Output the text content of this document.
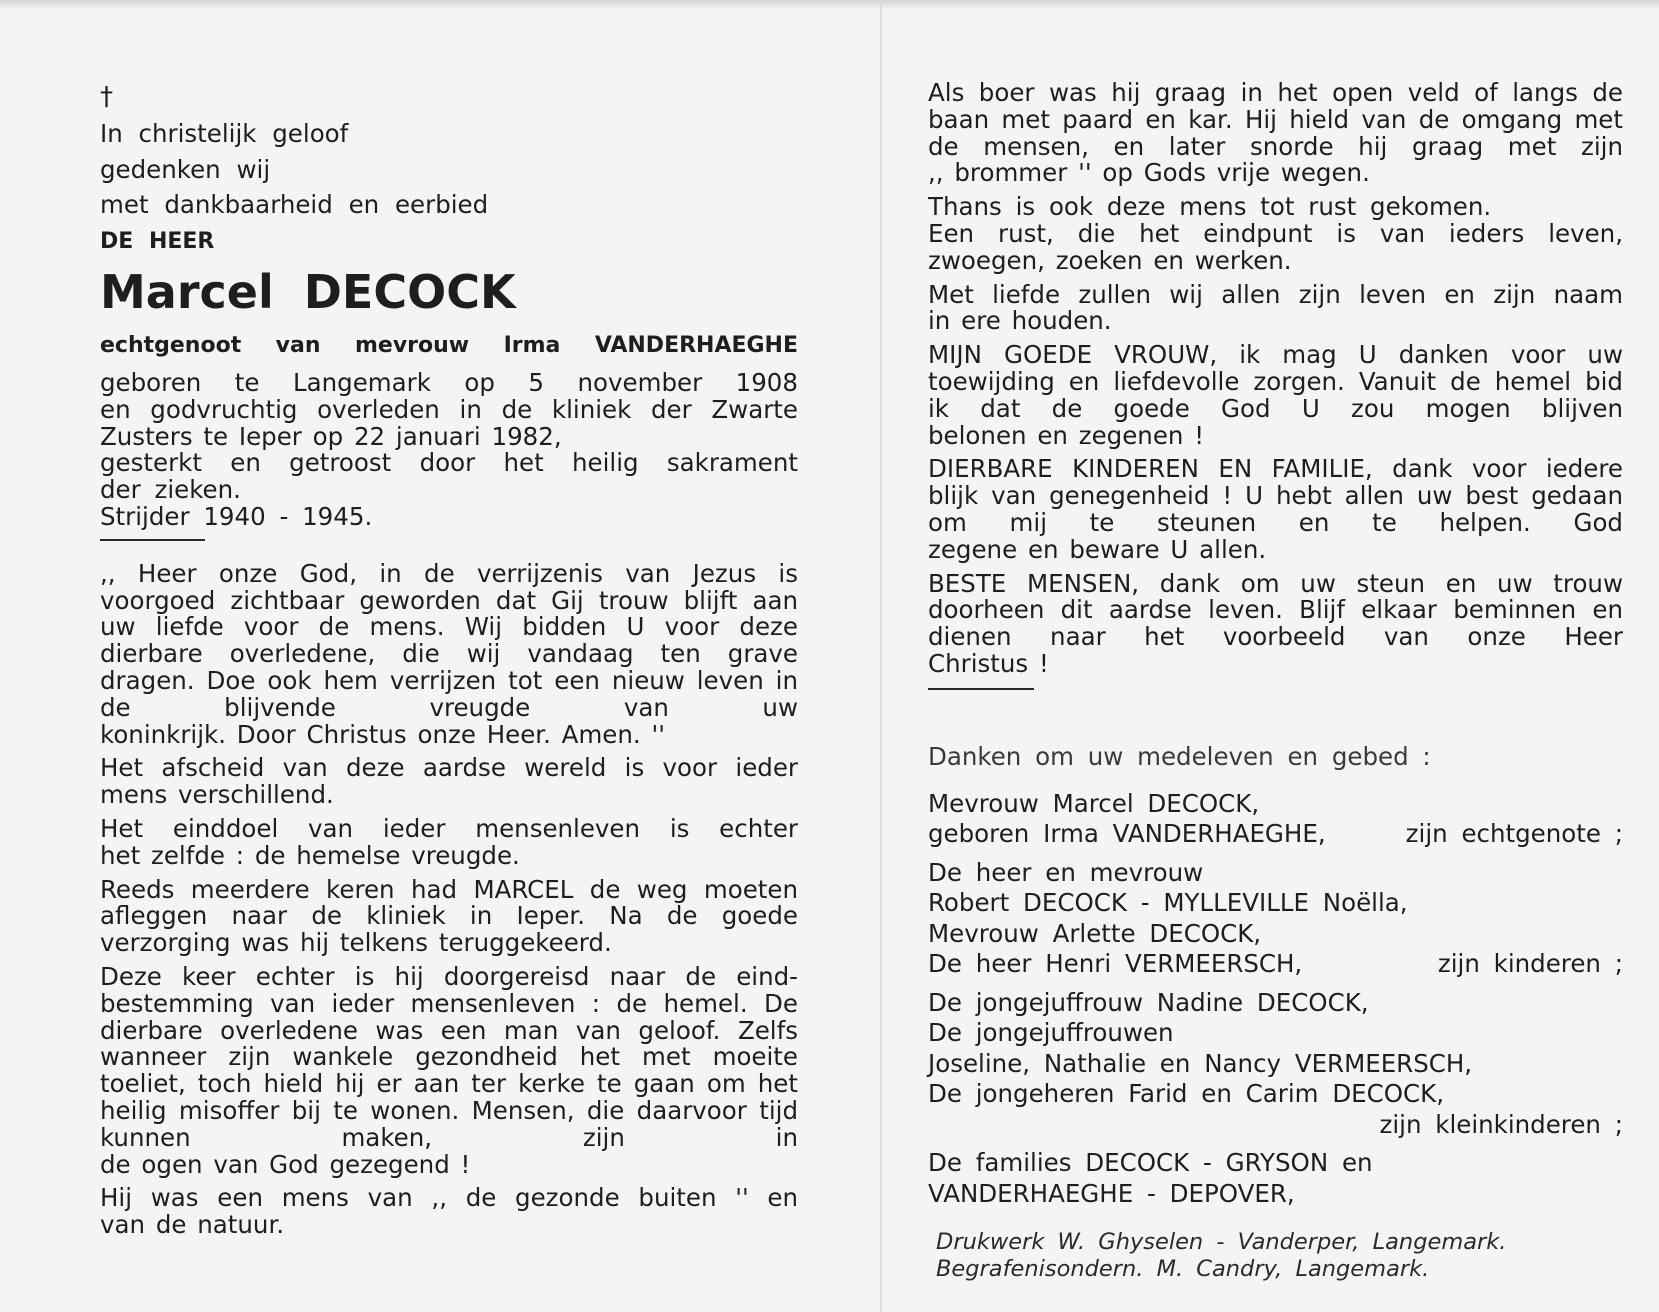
†

In christelijk geloof

gedenken wij

met dankbaarheid en eerbied

DE HEER

Marcel DECOCK

echtgenoot van mevrouw Irma VANDERHAEGHE

geboren te Langemark op 5 november 1908

en godvruchtig overleden in de kliniek der Zwarte

Zusters te Ieper op 22 januari 1982,

gesterkt en getroost door het heilig sakrament

der zieken.

Strijder 1940 - 1945.

,, Heer onze God, in de verrijzenis van Jezus is voorgoed zichtbaar geworden dat Gij trouw blijft aan uw liefde voor de mens. Wij bidden U voor deze dierbare overledene, die wij vandaag ten grave dragen. Doe ook hem verrijzen tot een nieuw leven in de blijvende vreugde van uw
koninkrijk. Door Christus onze Heer. Amen. ''

Het afscheid van deze aardse wereld is voor ieder
mens verschillend.

Het einddoel van ieder mensenleven is echter
het zelfde : de hemelse vreugde.

Reeds meerdere keren had MARCEL de weg moeten afleggen naar de kliniek in Ieper. Na de goede
verzorging was hij telkens teruggekeerd.

Deze keer echter is hij doorgereisd naar de eind-bestemming van ieder mensenleven : de hemel. De dierbare overledene was een man van geloof. Zelfs wanneer zijn wankele gezondheid het met moeite toeliet, toch hield hij er aan ter kerke te gaan om het heilig misoffer bij te wonen. Mensen, die daarvoor tijd kunnen maken, zijn in
de ogen van God gezegend !

Hij was een mens van ,, de gezonde buiten '' en
van de natuur.

Als boer was hij graag in het open veld of langs de baan met paard en kar. Hij hield van de omgang met de mensen, en later snorde hij graag met zijn
,, brommer '' op Gods vrije wegen.

Thans is ook deze mens tot rust gekomen.

Een rust, die het eindpunt is van ieders leven,
zwoegen, zoeken en werken.

Met liefde zullen wij allen zijn leven en zijn naam
in ere houden.

MIJN GOEDE VROUW, ik mag U danken voor uw toewijding en liefdevolle zorgen. Vanuit de hemel bid ik dat de goede God U zou mogen blijven
belonen en zegenen !

DIERBARE KINDEREN EN FAMILIE, dank voor iedere blijk van genegenheid ! U hebt allen uw best gedaan om mij te steunen en te helpen. God
zegene en beware U allen.

BESTE MENSEN, dank om uw steun en uw trouw doorheen dit aardse leven. Blijf elkaar beminnen en dienen naar het voorbeeld van onze Heer
Christus !

Danken om uw medeleven en gebed :

Mevrouw Marcel DECOCK,

geboren Irma VANDERHAEGHE,	zijn echtgenote ;

De heer en mevrouw

Robert DECOCK - MYLLEVILLE Noëlla,

Mevrouw Arlette DECOCK,

De heer Henri VERMEERSCH,	zijn kinderen ;

De jongejuffrouw Nadine DECOCK,

De jongejuffrouwen

Joseline, Nathalie en Nancy VERMEERSCH,

De jongeheren Farid en Carim DECOCK,

zijn kleinkinderen ;

De families DECOCK - GRYSON en

VANDERHAEGHE - DEPOVER,

Drukwerk W. Ghyselen - Vanderper, Langemark.

Begrafenisondern. M. Candry, Langemark.
